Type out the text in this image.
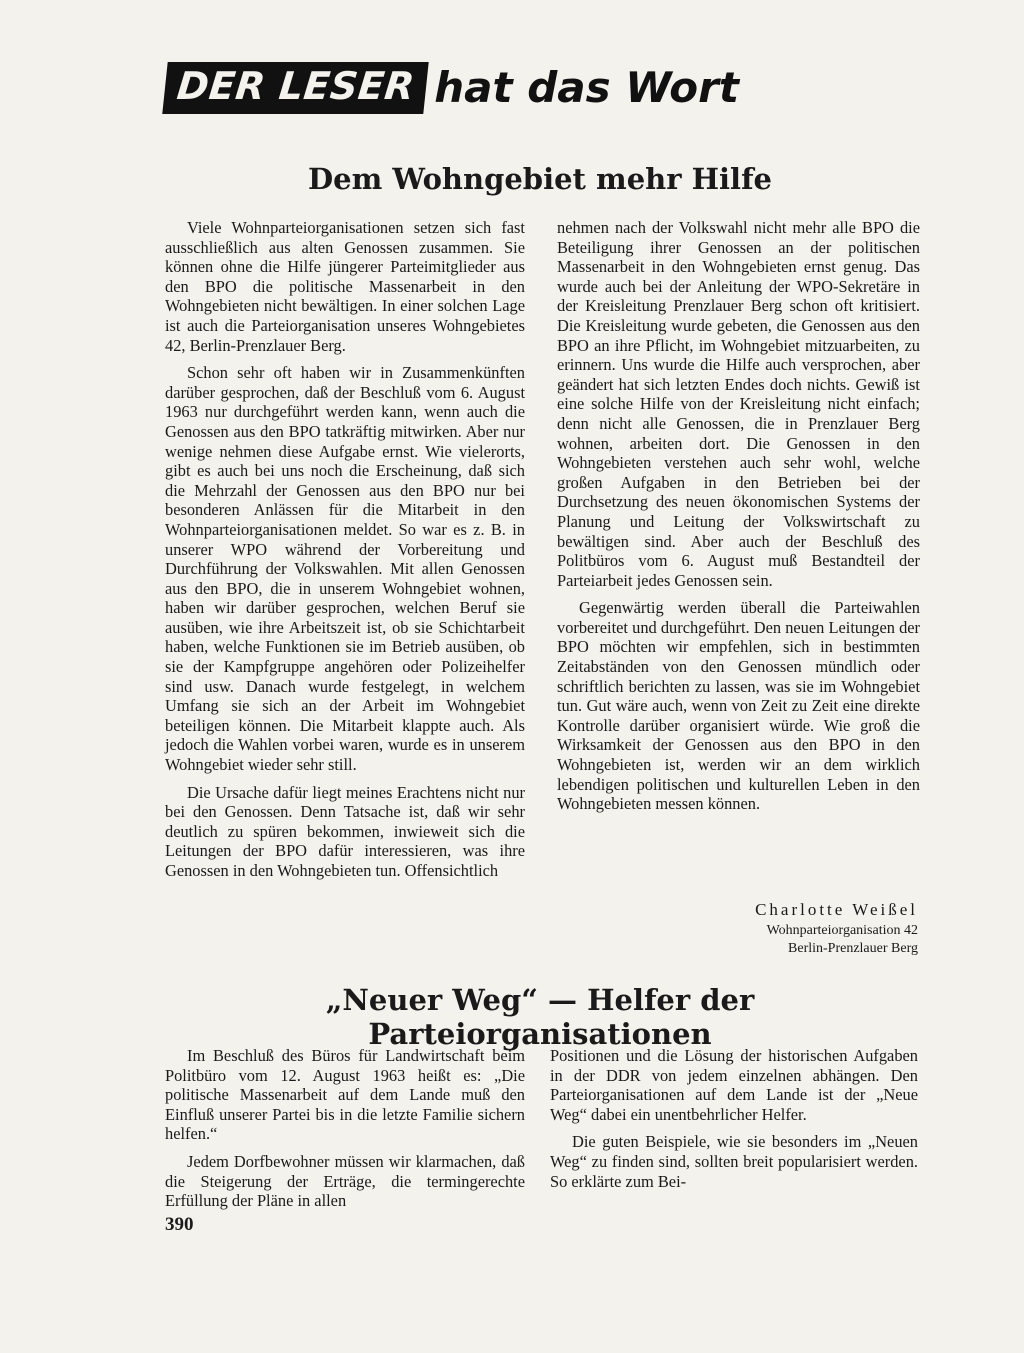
DER LESER hat das Wort
Dem Wohngebiet mehr Hilfe

Viele Wohnparteiorganisationen setzen sich fast ausschließlich aus alten Genossen zusammen. Sie können ohne die Hilfe jüngerer Parteimitglieder aus den BPO die politische Massenarbeit in den Wohngebieten nicht bewältigen. In einer solchen Lage ist auch die Parteiorganisation unseres Wohngebietes 42, Berlin-Prenzlauer Berg.

Schon sehr oft haben wir in Zusammenkünften darüber gesprochen, daß der Beschluß vom 6. August 1963 nur durchgeführt werden kann, wenn auch die Genossen aus den BPO tatkräftig mitwirken. Aber nur wenige nehmen diese Aufgabe ernst. Wie vielerorts, gibt es auch bei uns noch die Erscheinung, daß sich die Mehrzahl der Genossen aus den BPO nur bei besonderen Anlässen für die Mitarbeit in den Wohnparteiorganisationen meldet. So war es z. B. in unserer WPO während der Vorbereitung und Durchführung der Volkswahlen. Mit allen Genossen aus den BPO, die in unserem Wohngebiet wohnen, haben wir darüber gesprochen, welchen Beruf sie ausüben, wie ihre Arbeitszeit ist, ob sie Schichtarbeit haben, welche Funktionen sie im Betrieb ausüben, ob sie der Kampfgruppe angehören oder Polizeihelfer sind usw. Danach wurde festgelegt, in welchem Umfang sie sich an der Arbeit im Wohngebiet beteiligen können. Die Mitarbeit klappte auch. Als jedoch die Wahlen vorbei waren, wurde es in unserem Wohngebiet wieder sehr still.

Die Ursache dafür liegt meines Erachtens nicht nur bei den Genossen. Denn Tatsache ist, daß wir sehr deutlich zu spüren bekommen, inwieweit sich die Leitungen der BPO dafür interessieren, was ihre Genossen in den Wohngebieten tun. Offensichtlich

nehmen nach der Volkswahl nicht mehr alle BPO die Beteiligung ihrer Genossen an der politischen Massenarbeit in den Wohngebieten ernst genug. Das wurde auch bei der Anleitung der WPO-Sekretäre in der Kreisleitung Prenzlauer Berg schon oft kritisiert. Die Kreisleitung wurde gebeten, die Genossen aus den BPO an ihre Pflicht, im Wohngebiet mitzuarbeiten, zu erinnern. Uns wurde die Hilfe auch versprochen, aber geändert hat sich letzten Endes doch nichts. Gewiß ist eine solche Hilfe von der Kreisleitung nicht einfach; denn nicht alle Genossen, die in Prenzlauer Berg wohnen, arbeiten dort. Die Genossen in den Wohngebieten verstehen auch sehr wohl, welche großen Aufgaben in den Betrieben bei der Durchsetzung des neuen ökonomischen Systems der Planung und Leitung der Volkswirtschaft zu bewältigen sind. Aber auch der Beschluß des Politbüros vom 6. August muß Bestandteil der Parteiarbeit jedes Genossen sein.

Gegenwärtig werden überall die Parteiwahlen vorbereitet und durchgeführt. Den neuen Leitungen der BPO möchten wir empfehlen, sich in bestimmten Zeitabständen von den Genossen mündlich oder schriftlich berichten zu lassen, was sie im Wohngebiet tun. Gut wäre auch, wenn von Zeit zu Zeit eine direkte Kontrolle darüber organisiert würde. Wie groß die Wirksamkeit der Genossen aus den BPO in den Wohngebieten ist, werden wir an dem wirklich lebendigen politischen und kulturellen Leben in den Wohngebieten messen können.

Charlotte Weißel

Wohnparteiorganisation 42

Berlin-Prenzlauer Berg

„Neuer Weg“ — Helfer der Parteiorganisationen

Im Beschluß des Büros für Landwirtschaft beim Politbüro vom 12. August 1963 heißt es: „Die politische Massenarbeit auf dem Lande muß den Einfluß unserer Partei bis in die letzte Familie sichern helfen.“

Jedem Dorfbewohner müssen wir klarmachen, daß die Steigerung der Erträge, die termingerechte Erfüllung der Pläne in allen

Positionen und die Lösung der historischen Aufgaben in der DDR von jedem einzelnen abhängen. Den Parteiorganisationen auf dem Lande ist der „Neue Weg“ dabei ein unentbehrlicher Helfer.

Die guten Beispiele, wie sie besonders im „Neuen Weg“ zu finden sind, sollten breit popularisiert werden. So erklärte zum Bei-

390
